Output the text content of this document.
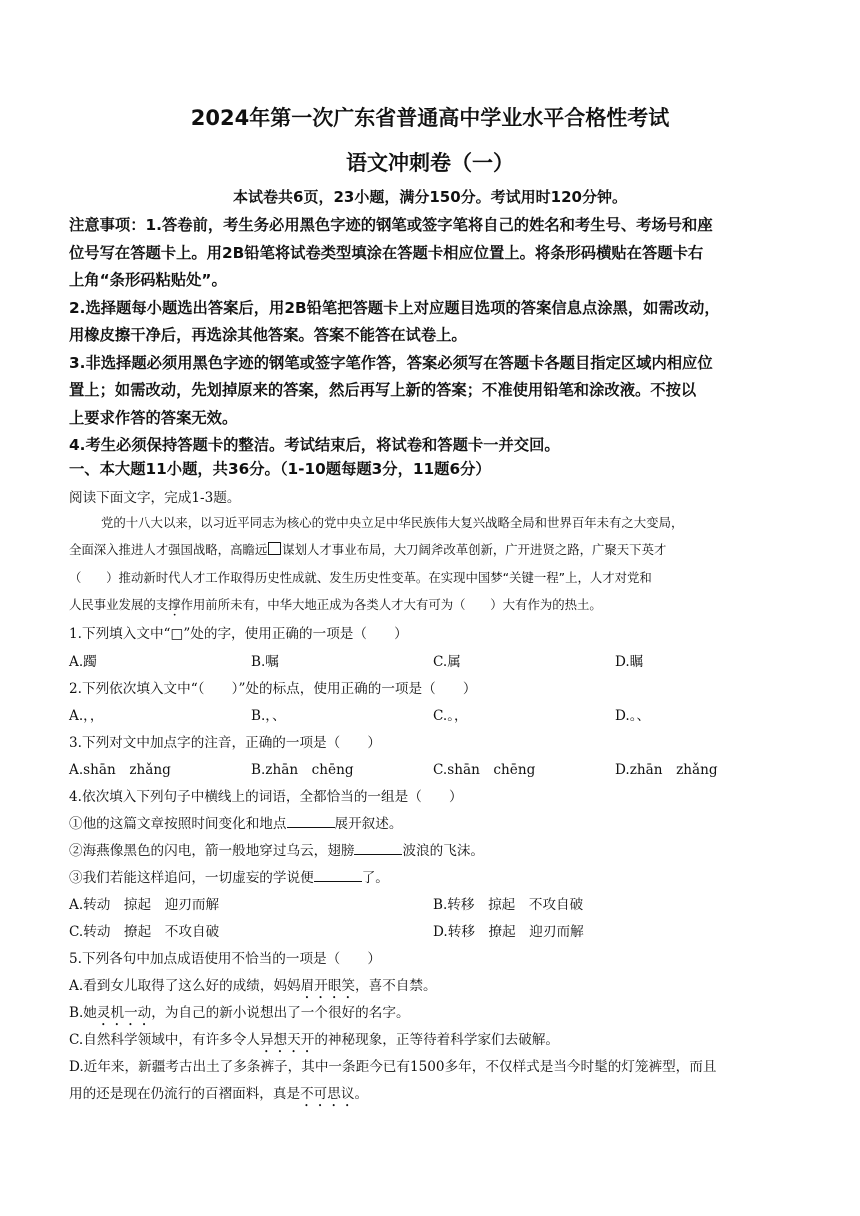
2024年第一次广东省普通高中学业水平合格性考试
语文冲刺卷（一）
本试卷共6页，23小题，满分150分。考试用时120分钟。
注意事项：1.答卷前，考生务必用黑色字迹的钢笔或签字笔将自己的姓名和考生号、考场号和座
位号写在答题卡上。用2B铅笔将试卷类型填涂在答题卡相应位置上。将条形码横贴在答题卡右
上角“条形码粘贴处”。
2.选择题每小题选出答案后，用2B铅笔把答题卡上对应题目选项的答案信息点涂黑，如需改动，
用橡皮擦干净后，再选涂其他答案。答案不能答在试卷上。
3.非选择题必须用黑色字迹的钢笔或签字笔作答，答案必须写在答题卡各题目指定区域内相应位
置上；如需改动，先划掉原来的答案，然后再写上新的答案；不准使用铅笔和涂改液。不按以
上要求作答的答案无效。
4.考生必须保持答题卡的整洁。考试结束后，将试卷和答题卡一并交回。
一、本大题11小题，共36分。（1-10题每题3分，11题6分）
阅读下面文字，完成1-3题。
党的十八大以来，以习近平同志为核心的党中央立足中华民族伟大复兴战略全局和世界百年未有之大变局，
全面深入推进人才强国战略，高瞻远 谋划人才事业布局，大刀阔斧改革创新，广开进贤之路，广聚天下英才
（　　）推动新时代人才工作取得历史性成就、发生历史性变革。在实现中国梦“关键一程”上，人才对党和
人民事业发展的支撑作用前所未有，中华大地正成为各类人才大有可为（　　）大有作为的热土。
1.下列填入文中“□”处的字，使用正确的一项是（　　）
A.躅	B.嘱	C.属	D.瞩
2.下列依次填入文中“（　　）”处的标点，使用正确的一项是（　　）
A.，，	B.，、	C.。，	D.。、
3.下列对文中加点字的注音，正确的一项是（　　）
A.shān　zhǎng	B.zhān　chēng	C.shān　chēng	D.zhān　zhǎng
4.依次填入下列句子中横线上的词语，全都恰当的一组是（　　）
①他的这篇文章按照时间变化和地点	展开叙述。
②海燕像黑色的闪电，箭一般地穿过乌云，翅膀	波浪的飞沫。
③我们若能这样追问，一切虚妄的学说便	了。
A.转动　掠起　迎刃而解	B.转移　掠起　不攻自破
C.转动　撩起　不攻自破	D.转移　撩起　迎刃而解
5.下列各句中加点成语使用不恰当的一项是（　　）
A.看到女儿取得了这么好的成绩，妈妈眉开眼笑，喜不自禁。
B.她灵机一动，为自己的新小说想出了一个很好的名字。
C.自然科学领域中，有许多令人异想天开的神秘现象，正等待着科学家们去破解。
D.近年来，新疆考古出土了多条裤子，其中一条距今已有1500多年，不仅样式是当今时髦的灯笼裤型，而且
用的还是现在仍流行的百褶面料，真是不可思议。
